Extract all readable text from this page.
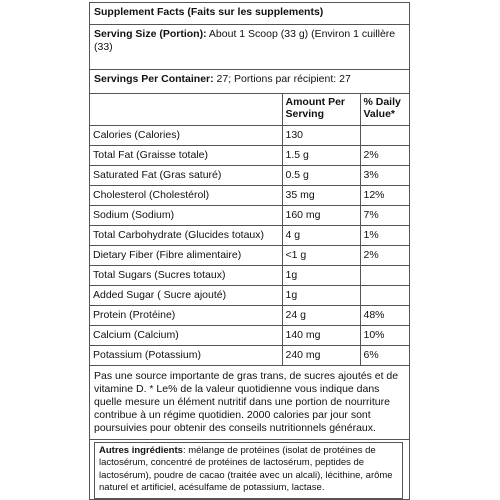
Supplement Facts (Faits sur les supplements)
Serving Size (Portion): About 1 Scoop (33 g) (Environ 1 cuillère (33)
Servings Per Container: 27; Portions par récipient: 27
	Amount Per Serving	% Daily Value*
Calories (Calories)	130	
Total Fat (Graisse totale)	1.5 g	2%
Saturated Fat (Gras saturé)	0.5 g	3%
Cholesterol (Cholestérol)	35 mg	12%
Sodium (Sodium)	160 mg	7%
Total Carbohydrate (Glucides totaux)	4 g	1%
Dietary Fiber (Fibre alimentaire)	<1 g	2%
Total Sugars (Sucres totaux)	1g	
Added Sugar ( Sucre ajouté)	1g	
Protein (Protéine)	24 g	48%
Calcium (Calcium)	140 mg	10%
Potassium (Potassium)	240 mg	6%
Pas une source importante de gras trans, de sucres ajoutés et de vitamine D. * Le% de la valeur quotidienne vous indique dans quelle mesure un élément nutritif dans une portion de nourriture contribue à un régime quotidien. 2000 calories par jour sont poursuivies pour obtenir des conseils nutritionnels généraux.
Autres ingrédients: mélange de protéines (isolat de protéines de lactosérum, concentré de protéines de lactosérum, peptides de lactosérum), poudre de cacao (traitée avec un alcali), lécithine, arôme naturel et artificiel, acésulfame de potassium, lactase.
